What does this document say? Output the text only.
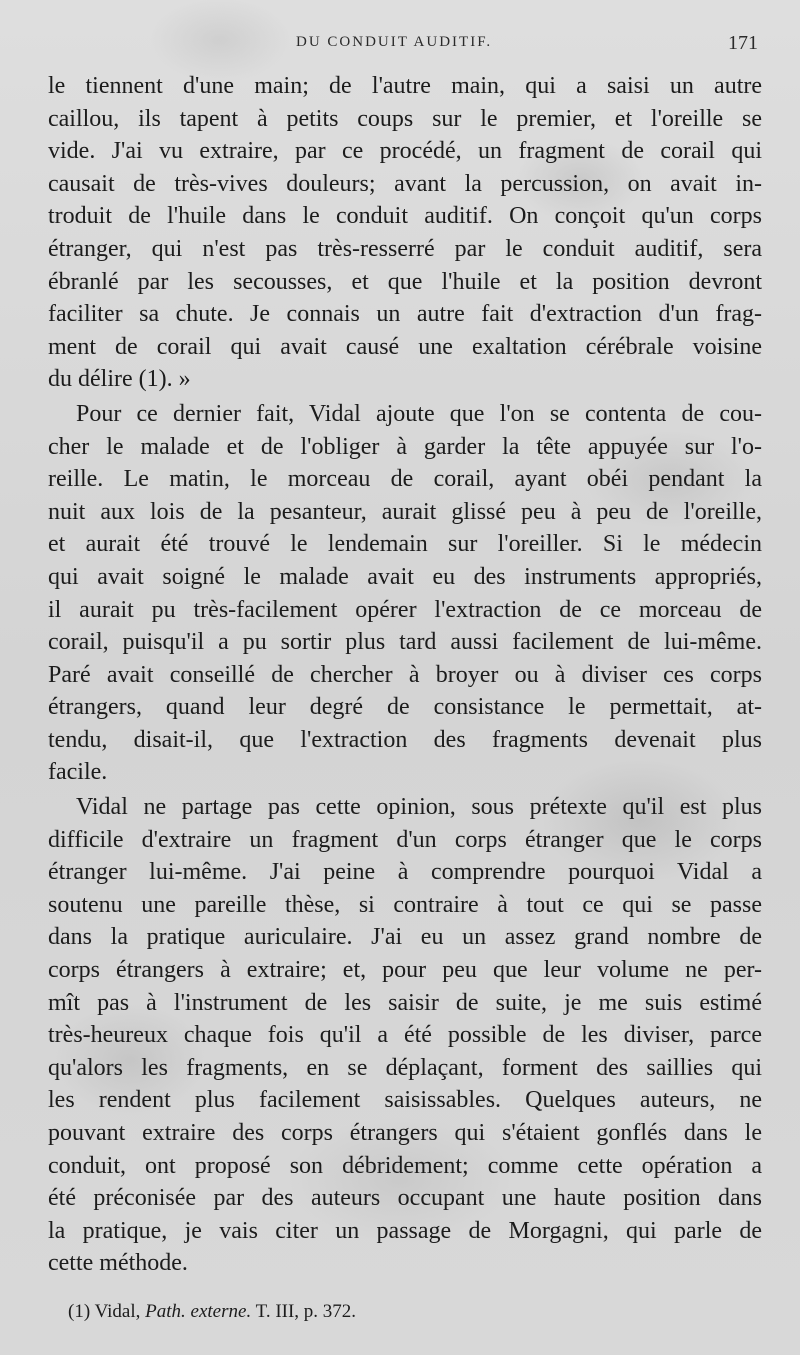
DU CONDUIT AUDITIF.	171
le tiennent d'une main; de l'autre main, qui a saisi un autre
caillou, ils tapent à petits coups sur le premier, et l'oreille se
vide. J'ai vu extraire, par ce procédé, un fragment de corail qui
causait de très-vives douleurs; avant la percussion, on avait in-
troduit de l'huile dans le conduit auditif. On conçoit qu'un corps
étranger, qui n'est pas très-resserré par le conduit auditif, sera
ébranlé par les secousses, et que l'huile et la position devront
faciliter sa chute. Je connais un autre fait d'extraction d'un frag-
ment de corail qui avait causé une exaltation cérébrale voisine
du délire (1). »
Pour ce dernier fait, Vidal ajoute que l'on se contenta de cou-
cher le malade et de l'obliger à garder la tête appuyée sur l'o-
reille. Le matin, le morceau de corail, ayant obéi pendant la
nuit aux lois de la pesanteur, aurait glissé peu à peu de l'oreille,
et aurait été trouvé le lendemain sur l'oreiller. Si le médecin
qui avait soigné le malade avait eu des instruments appropriés,
il aurait pu très-facilement opérer l'extraction de ce morceau de
corail, puisqu'il a pu sortir plus tard aussi facilement de lui-même.
Paré avait conseillé de chercher à broyer ou à diviser ces corps
étrangers, quand leur degré de consistance le permettait, at-
tendu, disait-il, que l'extraction des fragments devenait plus
facile.
Vidal ne partage pas cette opinion, sous prétexte qu'il est plus
difficile d'extraire un fragment d'un corps étranger que le corps
étranger lui-même. J'ai peine à comprendre pourquoi Vidal a
soutenu une pareille thèse, si contraire à tout ce qui se passe
dans la pratique auriculaire. J'ai eu un assez grand nombre de
corps étrangers à extraire; et, pour peu que leur volume ne per-
mît pas à l'instrument de les saisir de suite, je me suis estimé
très-heureux chaque fois qu'il a été possible de les diviser, parce
qu'alors les fragments, en se déplaçant, forment des saillies qui
les rendent plus facilement saisissables. Quelques auteurs, ne
pouvant extraire des corps étrangers qui s'étaient gonflés dans le
conduit, ont proposé son débridement; comme cette opération a
été préconisée par des auteurs occupant une haute position dans
la pratique, je vais citer un passage de Morgagni, qui parle de
cette méthode.
(1) Vidal, Path. externe. T. III, p. 372.
